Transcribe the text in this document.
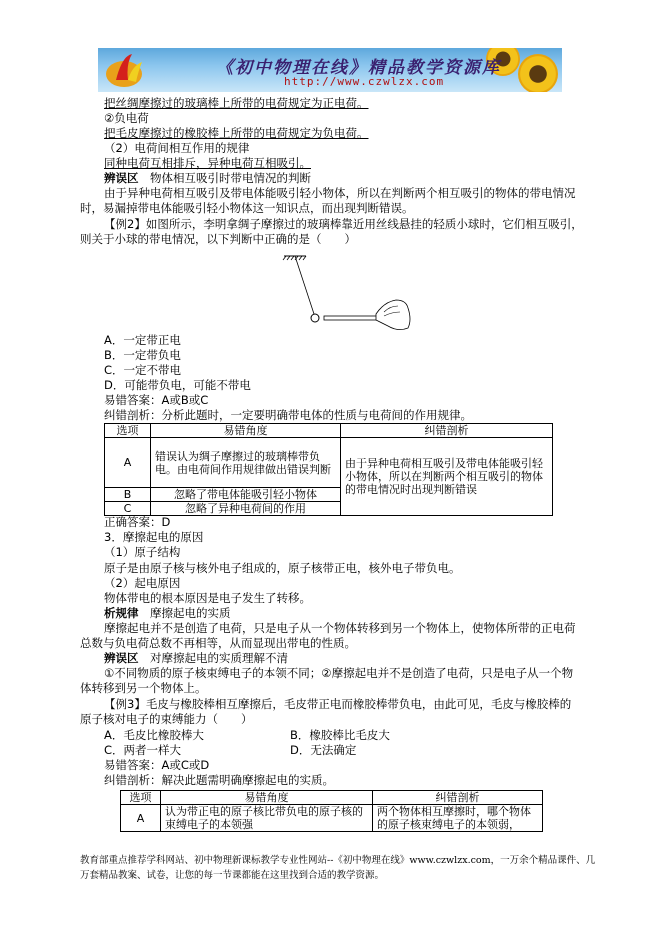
《初中物理在线》精品教学资源库
http://www.czwlzx.com
把丝绸摩擦过的玻璃棒上所带的电荷规定为正电荷。
②负电荷
把毛皮摩擦过的橡胶棒上所带的电荷规定为负电荷。
（2）电荷间相互作用的规律
同种电荷互相排斥，异种电荷互相吸引。
辨误区 物体相互吸引时带电情况的判断
由于异种电荷相互吸引及带电体能吸引轻小物体，所以在判断两个相互吸引的物体的带电情况
时，易漏掉带电体能吸引轻小物体这一知识点，而出现判断错误。
【例2】如图所示，李明拿绸子摩擦过的玻璃棒靠近用丝线悬挂的轻质小球时，它们相互吸引，
则关于小球的带电情况，以下判断中正确的是（　　）
A．一定带正电
B．一定带负电
C．一定不带电
D．可能带负电，可能不带电
易错答案：A或B或C
纠错剖析：分析此题时，一定要明确带电体的性质与电荷间的作用规律。
选项	易错角度	纠错剖析
A	错误认为绸子摩擦过的玻璃棒带负电。由电荷间作用规律做出错误判断	由于异种电荷相互吸引及带电体能吸引轻小物体，所以在判断两个相互吸引的物体的带电情况时出现判断错误
B	忽略了带电体能吸引轻小物体	
C	忽略了异种电荷间的作用	
正确答案：D
3．摩擦起电的原因
（1）原子结构
原子是由原子核与核外电子组成的，原子核带正电，核外电子带负电。
（2）起电原因
物体带电的根本原因是电子发生了转移。
析规律 摩擦起电的实质
摩擦起电并不是创造了电荷，只是电子从一个物体转移到另一个物体上，使物体所带的正电荷
总数与负电荷总数不再相等，从而显现出带电的性质。
辨误区 对摩擦起电的实质理解不清
①不同物质的原子核束缚电子的本领不同；②摩擦起电并不是创造了电荷，只是电子从一个物
体转移到另一个物体上。
【例3】毛皮与橡胶棒相互摩擦后，毛皮带正电而橡胶棒带负电，由此可见，毛皮与橡胶棒的
原子核对电子的束缚能力（　　）
A．毛皮比橡胶棒大	B．橡胶棒比毛皮大
C．两者一样大	D．无法确定
易错答案：A或C或D
纠错剖析：解决此题需明确摩擦起电的实质。
选项	易错角度	纠错剖析
A	认为带正电的原子核比带负电的原子核的束缚电子的本领强	两个物体相互摩擦时，哪个物体的原子核束缚电子的本领弱，
教育部重点推荐学科网站、初中物理新课标教学专业性网站--《初中物理在线》www.czwlzx.com，一万余个精品课件、几万套精品教案、试卷，让您的每一节课都能在这里找到合适的教学资源。
